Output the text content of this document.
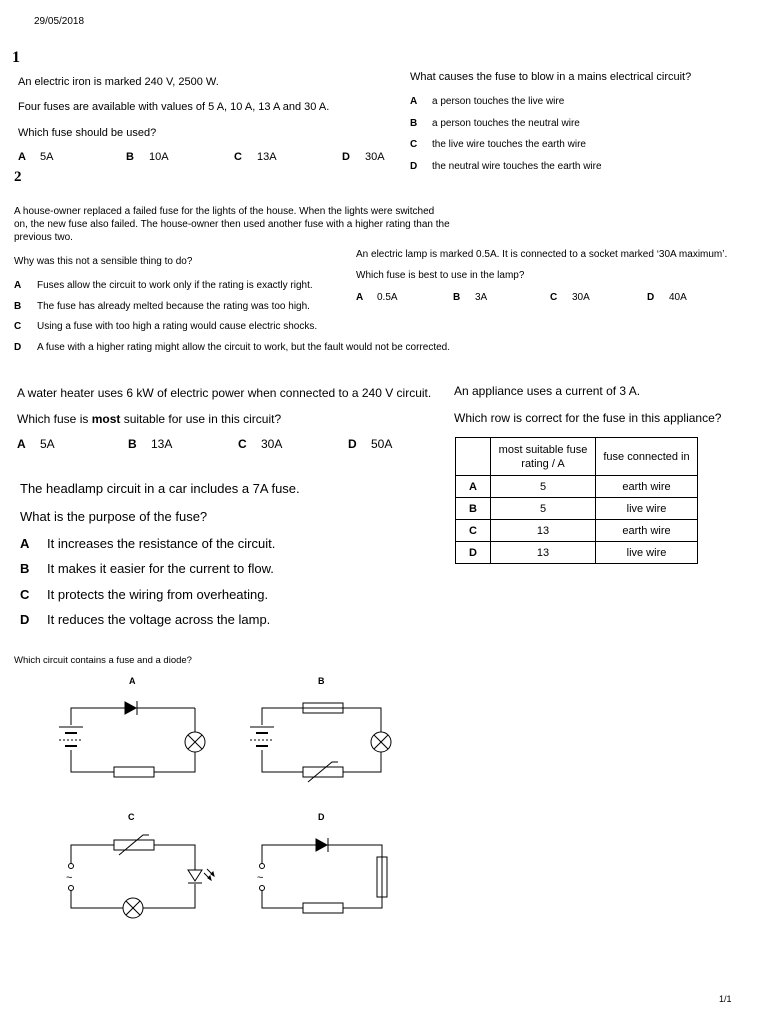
29/05/2018
1
2
An electric iron is marked 240 V, 2500 W.
Four fuses are available with values of 5 A, 10 A, 13 A and 30 A.
Which fuse should be used?
A 5A	B 10A	C 13A	D 30A
What causes the fuse to blow in a mains electrical circuit?
A a person touches the live wire
B a person touches the neutral wire
C the live wire touches the earth wire
D the neutral wire touches the earth wire
A house-owner replaced a failed fuse for the lights of the house. When the lights were switched
on, the new fuse also failed. The house-owner then used another fuse with a higher rating than the
previous two.
Why was this not a sensible thing to do?
A Fuses allow the circuit to work only if the rating is exactly right.
B The fuse has already melted because the rating was too high.
C Using a fuse with too high a rating would cause electric shocks.
D A fuse with a higher rating might allow the circuit to work, but the fault would not be corrected.
An electric lamp is marked 0.5A. It is connected to a socket marked ‘30A maximum’.
Which fuse is best to use in the lamp?
A 0.5A	B 3A	C 30A	D 40A
A water heater uses 6 kW of electric power when connected to a 240 V circuit.
Which fuse is most suitable for use in this circuit?
A 5A	B 13A	C 30A	D 50A
An appliance uses a current of 3 A.
Which row is correct for the fuse in this appliance?
	most suitable fuse rating / A	fuse connected in
A	5	earth wire
B	5	live wire
C	13	earth wire
D	13	live wire
The headlamp circuit in a car includes a 7A fuse.
What is the purpose of the fuse?
A It increases the resistance of the circuit.
B It makes it easier for the current to flow.
C It protects the wiring from overheating.
D It reduces the voltage across the lamp.
Which circuit contains a fuse and a diode?
A	B
C	D
~	~
1/1
